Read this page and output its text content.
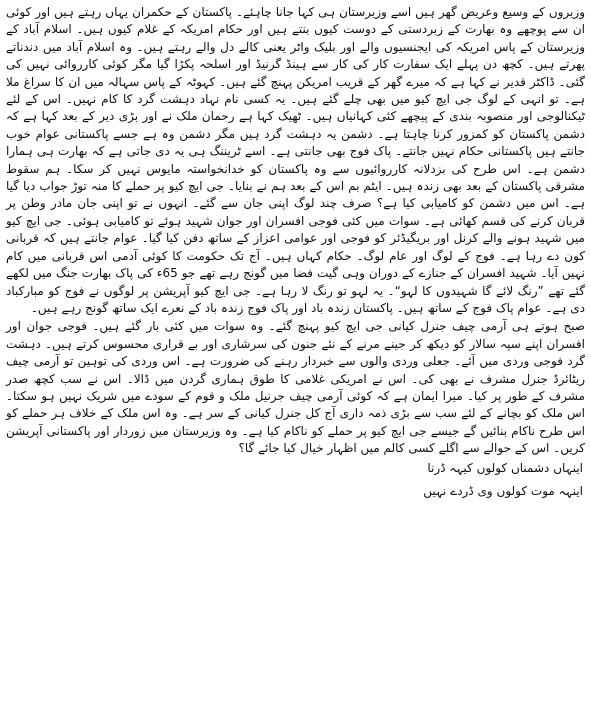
وزیروں کے وسیع وعریض گھر ہیں اسے وزیرستان ہی کہا جانا چاہئے۔ پاکستان کے حکمران یہاں رہتے ہیں اور کوئی ان سے پوچھے وہ بھارت کے زبردستی کے دوست کیوں بنتے ہیں اور حکام امریکہ کے غلام کیوں ہیں۔ اسلام آباد کے وزیرستان کے پاس امریکہ کی ایجنسیوں والے اور بلیک واٹر یعنی کالے دل والے رہتے ہیں۔ وہ اسلام آباد میں دندناتے پھرتے ہیں۔ کچھ دن پہلے ایک سفارت کار کی کار سے ہینڈ گرنیڈ اور اسلحہ پکڑا گیا مگر کوئی کارروائی نہیں کی گئی۔ ڈاکٹر قدیر نے کہا ہے کہ میرے گھر کے قریب امریکن پہنچ گئے ہیں۔ کہوٹہ کے پاس سہالہ میں ان کا سراغ ملا ہے۔ تو انہی کے لوگ جی ایچ کیو میں بھی چلے گئے ہیں۔ یہ کسی نام نہاد دہشت گرد کا کام نہیں۔ اس کے لئے ٹیکنالوجی اور منصوبہ بندی کے پیچھے کئی کہانیاں ہیں۔ ٹھیک کہا ہے رحمان ملک نے اور بڑی دیر کے بعد کہا ہے کہ دشمن پاکستان کو کمزور کرنا چاہتا ہے۔ دشمن یہ دہشت گرد ہیں مگر دشمن وہ ہے جسے پاکستانی عوام خوب جانتے ہیں پاکستانی حکام نہیں جانتے۔ پاک فوج بھی جانتی ہے۔ اسے ٹریننگ ہی یہ دی جاتی ہے کہ بھارت ہی ہمارا دشمن ہے۔ اس طرح کی بزدلانہ کارروائیوں سے وہ پاکستان کو خدانخواستہ مایوس نہیں کر سکا۔ ہم سقوط مشرقی پاکستان کے بعد بھی زندہ ہیں۔ ایٹم بم اس کے بعد ہم نے بنایا۔ جی ایچ کیو پر حملے کا منہ توڑ جواب دیا گیا ہے۔ اس میں دشمن کو کامیابی کیا ہے؟ صرف چند لوگ اپنی جان سے گئے۔ انہوں نے تو اپنی جان مادر وطن پر قربان کرنے کی قسم کھائی ہے۔ سوات میں کئی فوجی افسران اور جوان شہید ہوئے تو کامیابی ہوئی۔ جی ایچ کیو میں شہید ہونے والے کرنل اور بریگیڈئر کو فوجی اور عوامی اعزاز کے ساتھ دفن کیا گیا۔ عوام جانتے ہیں کہ قربانی کون دے رہا ہے۔ فوج کے لوگ اور عام لوگ۔ حکام کہاں ہیں۔ آج تک حکومت کا کوئی آدمی اس قربانی میں کام نہیں آیا۔ شہید افسران کے جنازے کے دوران وہی گیت فضا میں گونج رہے تھے جو 65ء کی پاک بھارت جنگ میں لکھے گئے تھے ”رنگ لائے گا شہیدوں کا لہو“۔ یہ لہو تو رنگ لا رہا ہے۔ جی ایچ کیو آپریشن پر لوگوں نے فوج کو مبارکباد دی ہے۔ عوام پاک فوج کے ساتھ ہیں۔ پاکستان زندہ باد اور پاک فوج زندہ باد کے نعرے ایک ساتھ گونج رہے ہیں۔

صبح ہوتے ہی آرمی چیف جنرل کیانی جی ایچ کیو پہنچ گئے۔ وہ سوات میں کئی بار گئے ہیں۔ فوجی جوان اور افسران اپنے سپہ سالار کو دیکھ کر جینے مرنے کے نئے جنون کی سرشاری اور بے قراری محسوس کرتے ہیں۔ دہشت گرد فوجی وردی میں آئے۔ جعلی وردی والوں سے خبردار رہنے کی ضرورت ہے۔ اس وردی کی توہین تو آرمی چیف ریٹائرڈ جنرل مشرف نے بھی کی۔ اس نے امریکی غلامی کا طوق ہماری گردن میں ڈالا۔ اس نے سب کچھ صدر مشرف کے طور پر کیا۔ میرا ایمان ہے کہ کوئی آرمی چیف جرنیل ملک و قوم کے سودے میں شریک نہیں ہو سکتا۔ اس ملک کو بچانے کے لئے سب سے بڑی ذمہ داری آج کل جنرل کیانی کے سر ہے۔ وہ اس ملک کے خلاف ہر حملے کو اس طرح ناکام بنائیں گے جیسے جی ایچ کیو پر حملے کو ناکام کیا ہے۔ وہ وزیرستان میں زوردار اور پاکستانی آپریشن کریں۔ اس کے حوالے سے اگلے کسی کالم میں اظہار خیال کیا جائے گا؟

اینہاں دشمناں کولوں کیہہ ڈرنا

اینہہ موت کولوں وی ڈردے نہیں
